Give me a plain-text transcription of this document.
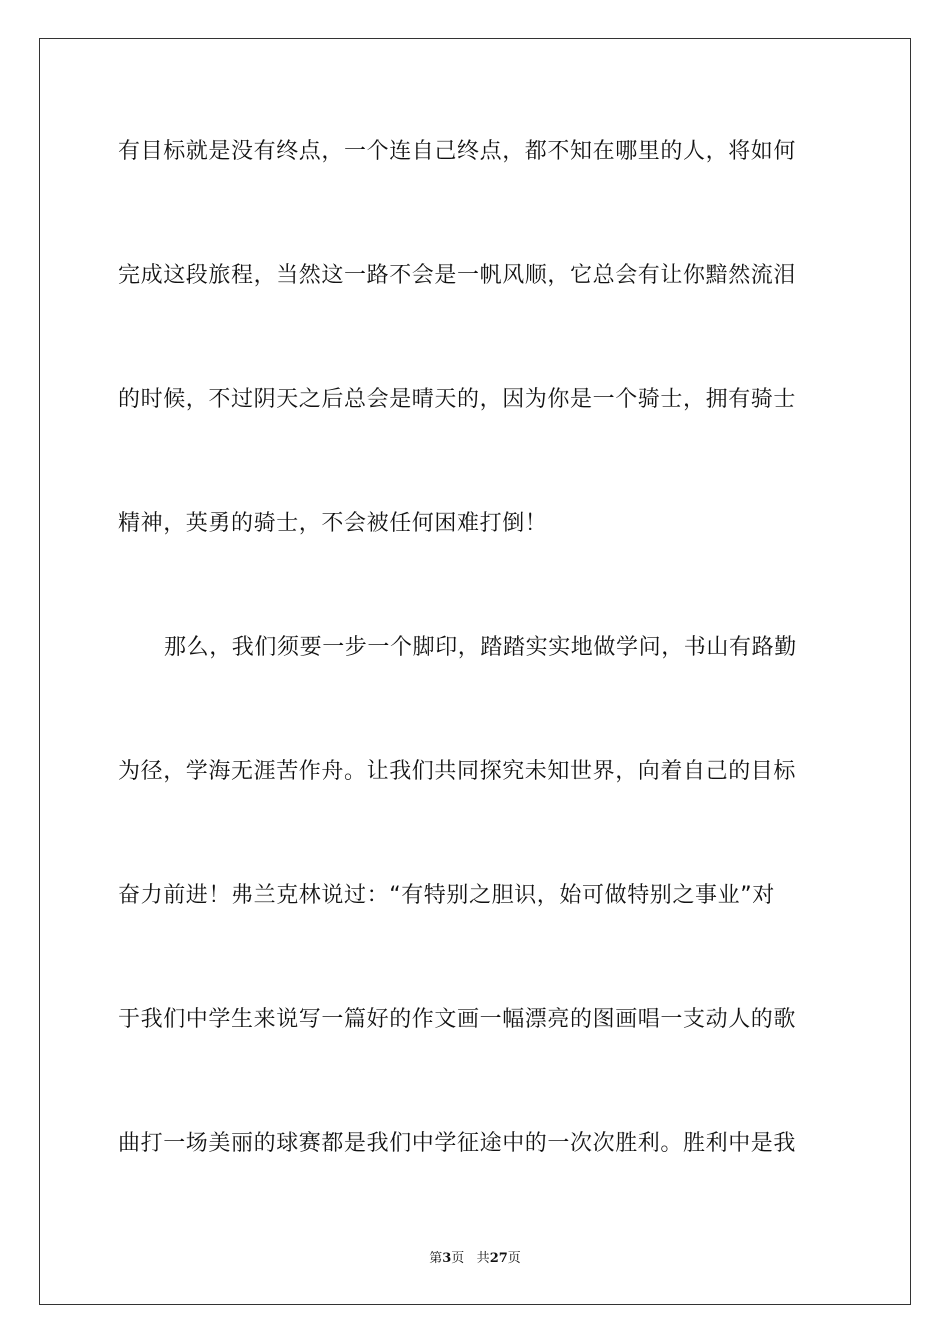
有目标就是没有终点，一个连自己终点，都不知在哪里的人，将如何
完成这段旅程，当然这一路不会是一帆风顺，它总会有让你黯然流泪
的时候，不过阴天之后总会是晴天的，因为你是一个骑士，拥有骑士
精神，英勇的骑士，不会被任何困难打倒！
那么，我们须要一步一个脚印，踏踏实实地做学问，书山有路勤
为径，学海无涯苦作舟。让我们共同探究未知世界，向着自己的目标
奋力前进！弗兰克林说过：“有特别之胆识，始可做特别之事业”对
于我们中学生来说写一篇好的作文画一幅漂亮的图画唱一支动人的歌
曲打一场美丽的球赛都是我们中学征途中的一次次胜利。胜利中是我
第3页 共27页
